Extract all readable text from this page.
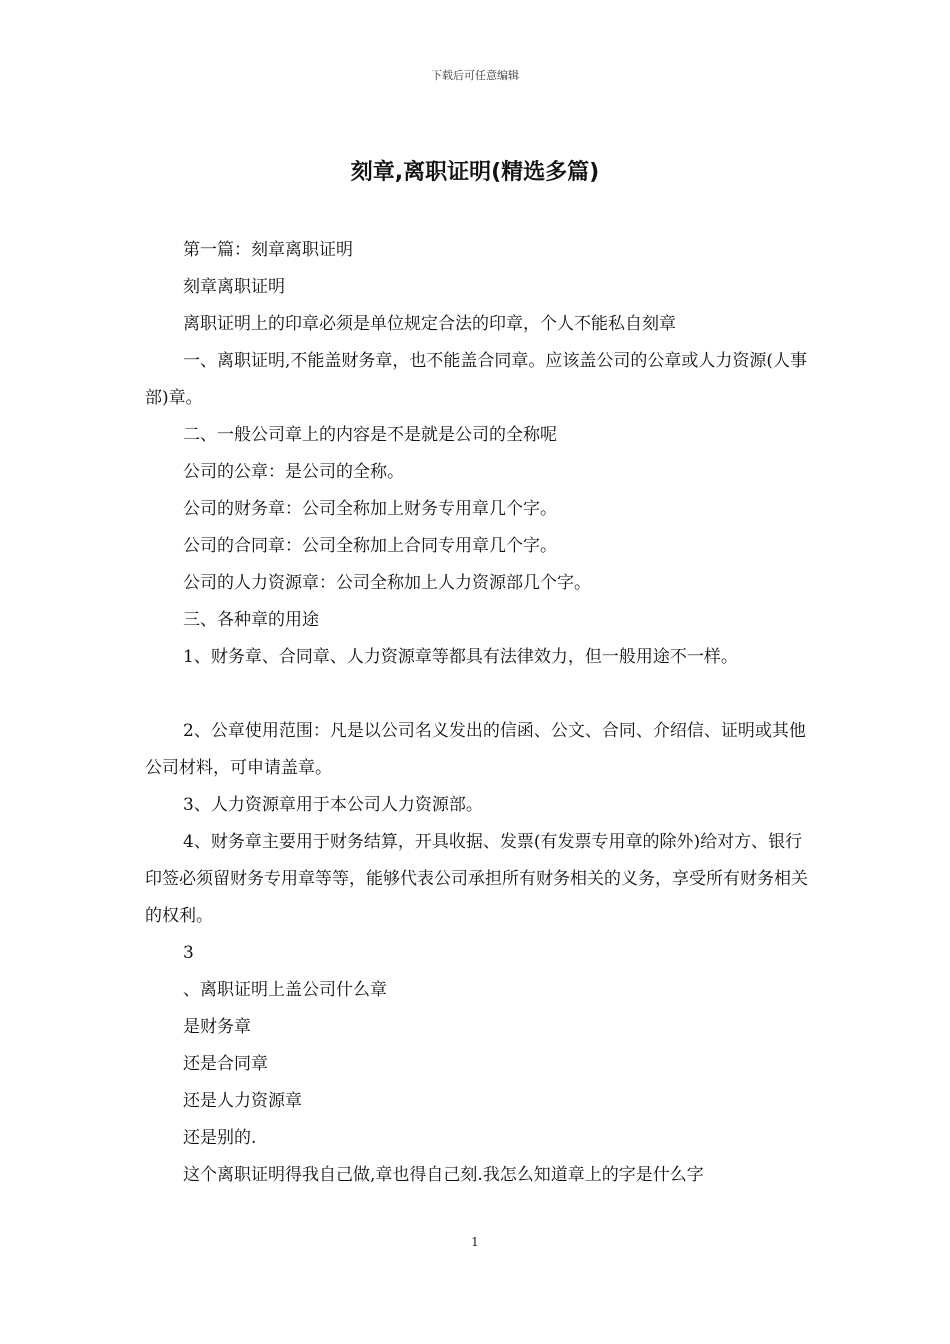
下载后可任意编辑
刻章,离职证明(精选多篇)

第一篇：刻章离职证明

刻章离职证明

离职证明上的印章必须是单位规定合法的印章，个人不能私自刻章

一、离职证明,不能盖财务章，也不能盖合同章。应该盖公司的公章或人力资源(人事部)章。

二、一般公司章上的内容是不是就是公司的全称呢

公司的公章：是公司的全称。

公司的财务章：公司全称加上财务专用章几个字。

公司的合同章：公司全称加上合同专用章几个字。

公司的人力资源章：公司全称加上人力资源部几个字。

三、各种章的用途

1、财务章、合同章、人力资源章等都具有法律效力，但一般用途不一样。

2、公章使用范围：凡是以公司名义发出的信函、公文、合同、介绍信、证明或其他公司材料，可申请盖章。

3、人力资源章用于本公司人力资源部。

4、财务章主要用于财务结算，开具收据、发票(有发票专用章的除外)给对方、银行印签必须留财务专用章等等，能够代表公司承担所有财务相关的义务，享受所有财务相关的权利。

3

、离职证明上盖公司什么章

是财务章

还是合同章

还是人力资源章

还是别的.

这个离职证明得我自己做,章也得自己刻.我怎么知道章上的字是什么字

1
